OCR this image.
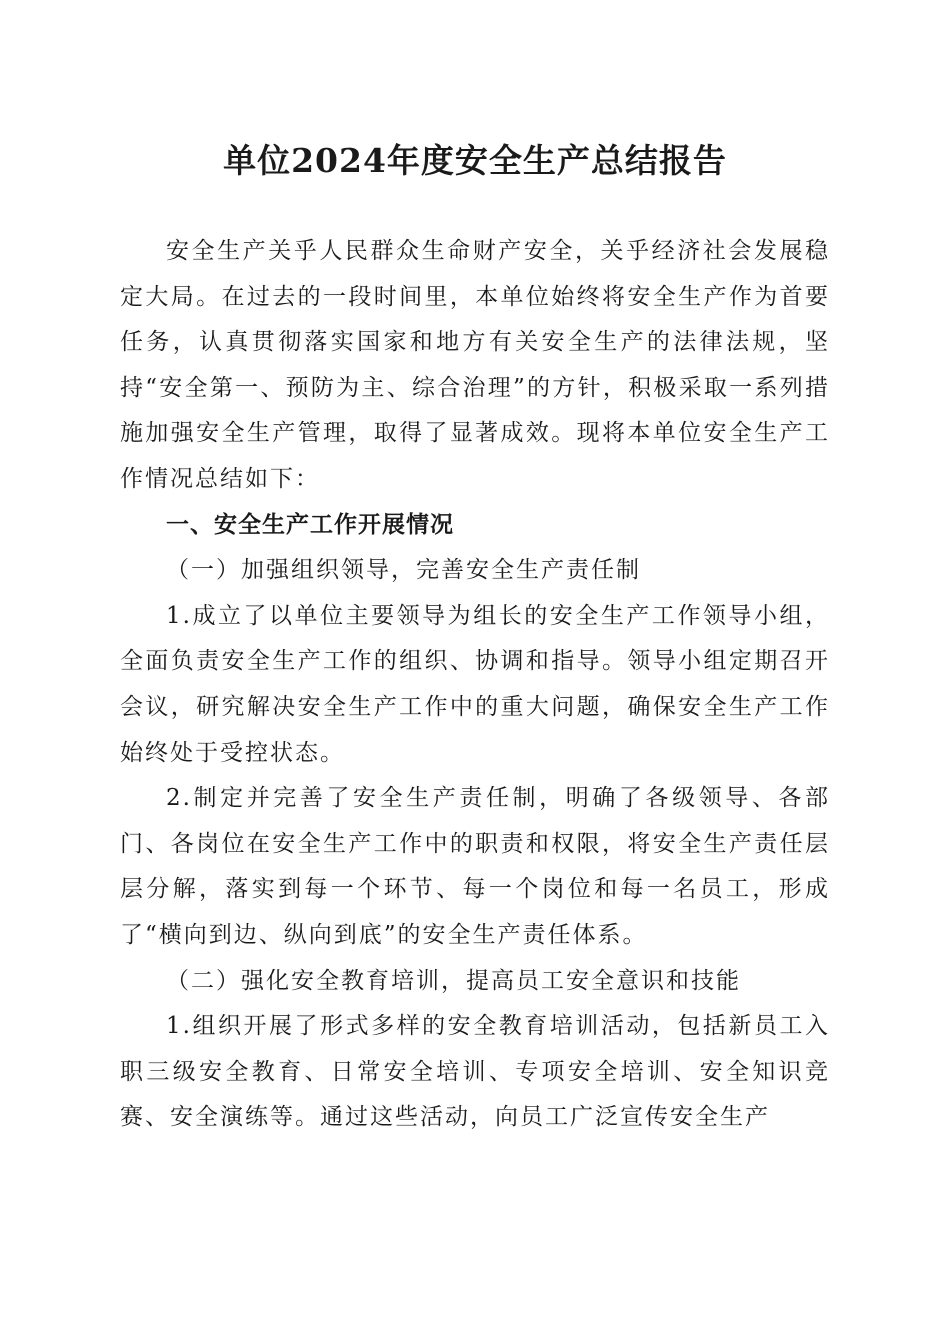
单位2024年度安全生产总结报告

安全生产关乎人民群众生命财产安全，关乎经济社会发展稳定大局。在过去的一段时间里，本单位始终将安全生产作为首要任务，认真贯彻落实国家和地方有关安全生产的法律法规，坚持“安全第一、预防为主、综合治理”的方针，积极采取一系列措施加强安全生产管理，取得了显著成效。现将本单位安全生产工作情况总结如下：

一、安全生产工作开展情况

（一）加强组织领导，完善安全生产责任制

1.成立了以单位主要领导为组长的安全生产工作领导小组，全面负责安全生产工作的组织、协调和指导。领导小组定期召开会议，研究解决安全生产工作中的重大问题，确保安全生产工作始终处于受控状态。

2.制定并完善了安全生产责任制，明确了各级领导、各部门、各岗位在安全生产工作中的职责和权限，将安全生产责任层层分解，落实到每一个环节、每一个岗位和每一名员工，形成了“横向到边、纵向到底”的安全生产责任体系。

（二）强化安全教育培训，提高员工安全意识和技能

1.组织开展了形式多样的安全教育培训活动，包括新员工入职三级安全教育、日常安全培训、专项安全培训、安全知识竞赛、安全演练等。通过这些活动，向员工广泛宣传安全生产
